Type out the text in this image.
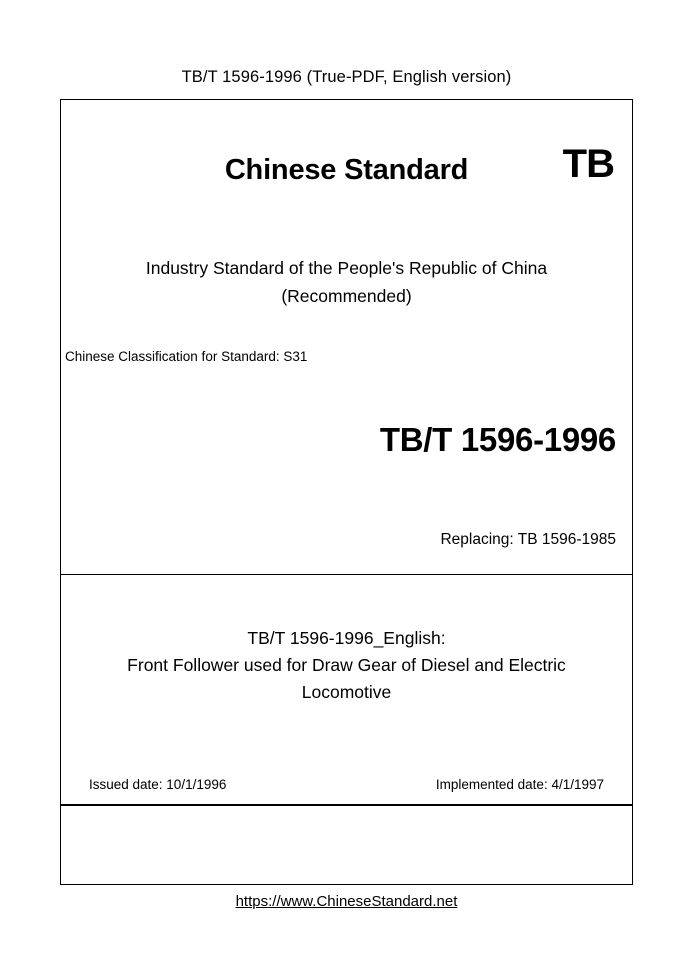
TB/T 1596-1996 (True-PDF, English version)
Chinese Standard	TB
Industry Standard of the People's Republic of China
(Recommended)
Chinese Classification for Standard: S31
TB/T 1596-1996
Replacing: TB 1596-1985
TB/T 1596-1996_English:
Front Follower used for Draw Gear of Diesel and Electric
Locomotive
Issued date: 10/1/1996	Implemented date: 4/1/1997
https://www.ChineseStandard.net
